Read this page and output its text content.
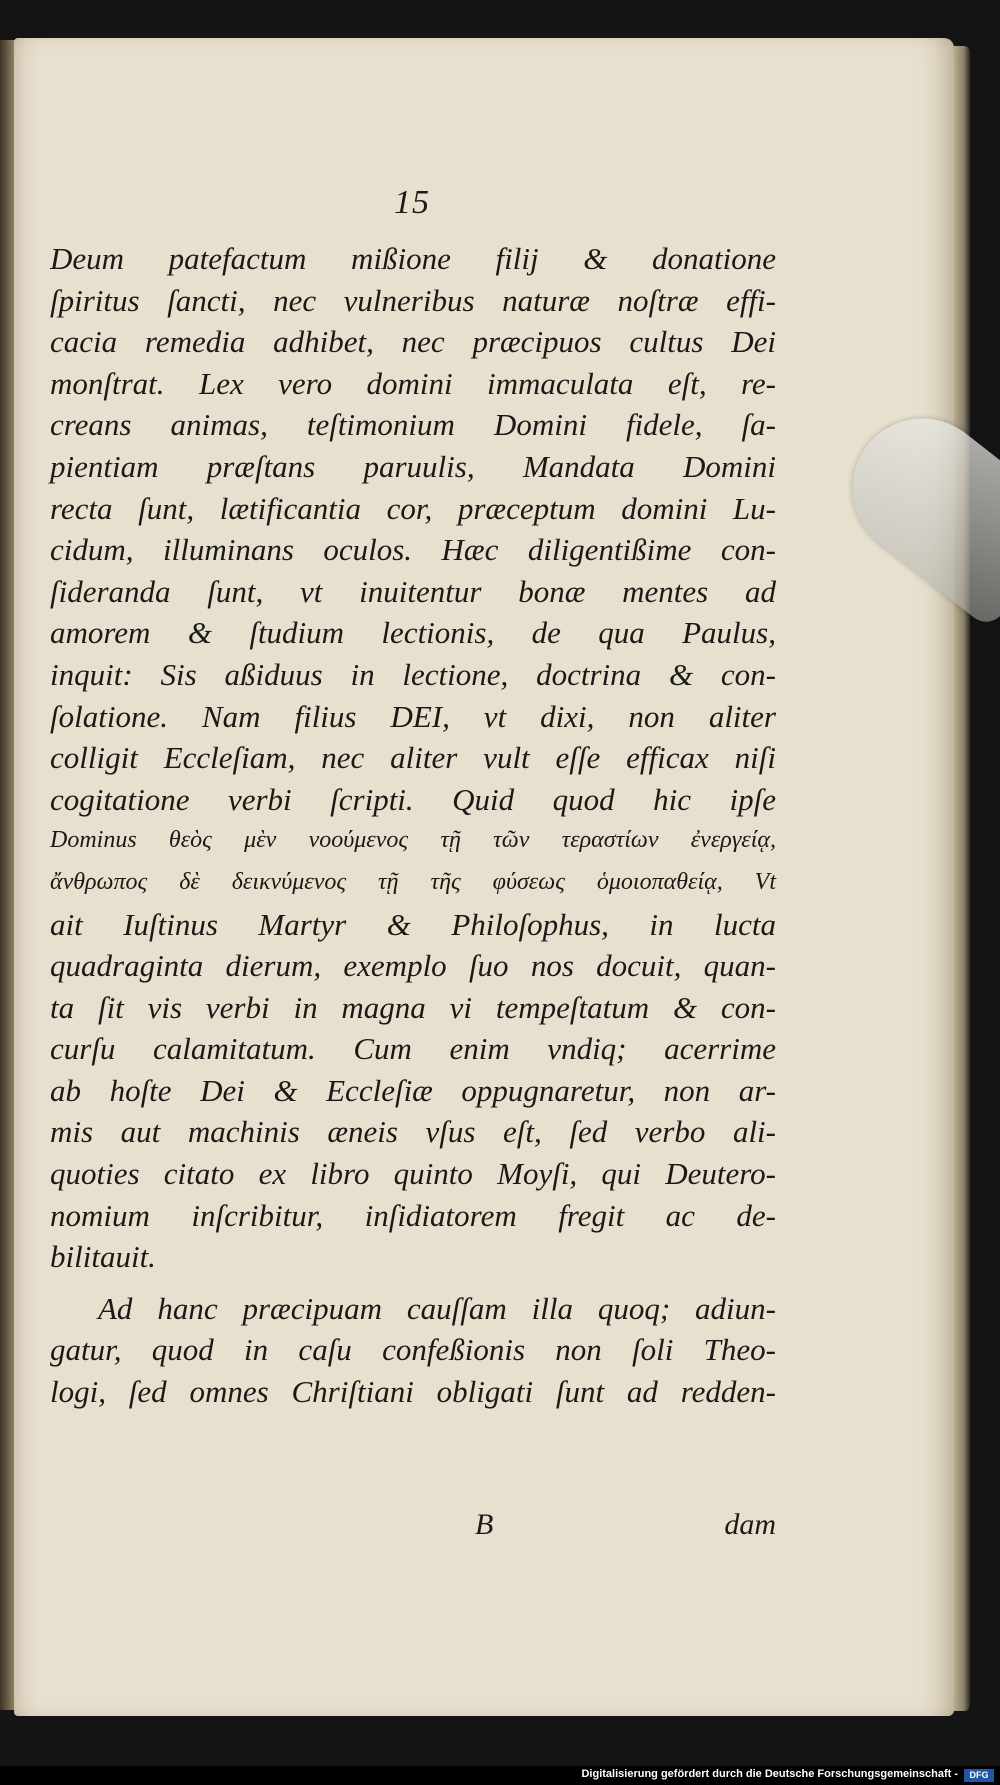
15
Deum patefactum mißione filij & donatione
ſpiritus ſancti, nec vulneribus naturæ noſtræ effi-
cacia remedia adhibet, nec præcipuos cultus Dei
monſtrat. Lex vero domini immaculata eſt, re-
creans animas, teſtimonium Domini fidele, ſa-
pientiam præſtans paruulis, Mandata Domini
recta ſunt, lætificantia cor, præceptum domini Lu-
cidum, illuminans oculos. Hæc diligentißime con-
ſideranda ſunt, vt inuitentur bonæ mentes ad
amorem & ſtudium lectionis, de qua Paulus,
inquit: Sis aßiduus in lectione, doctrina & con-
ſolatione. Nam filius DEI, vt dixi, non aliter
colligit Eccleſiam, nec aliter vult eſſe efficax niſi
cogitatione verbi ſcripti. Quid quod hic ipſe
Dominus θεὸς μὲν νοούμενος τῇ τῶν τεραστίων ἐνεργείᾳ,
ἄνθρωπος δὲ δεικνύμενος τῇ τῆς φύσεως ὁμοιοπαθείᾳ, Vt
ait Iuſtinus Martyr & Philoſophus, in lucta
quadraginta dierum, exemplo ſuo nos docuit, quan-
ta ſit vis verbi in magna vi tempeſtatum & con-
curſu calamitatum. Cum enim vndiq; acerrime
ab hoſte Dei & Eccleſiæ oppugnaretur, non ar-
mis aut machinis æneis vſus eſt, ſed verbo ali-
quoties citato ex libro quinto Moyſi, qui Deutero-
nomium inſcribitur, inſidiatorem fregit ac de-
bilitauit.
Ad hanc præcipuam cauſſam illa quoq; adiun-
gatur, quod in caſu confeßionis non ſoli Theo-
logi, ſed omnes Chriſtiani obligati ſunt ad redden-
B	dam
Digitalisierung gefördert durch die Deutsche Forschungsgemeinschaft -	DFG
